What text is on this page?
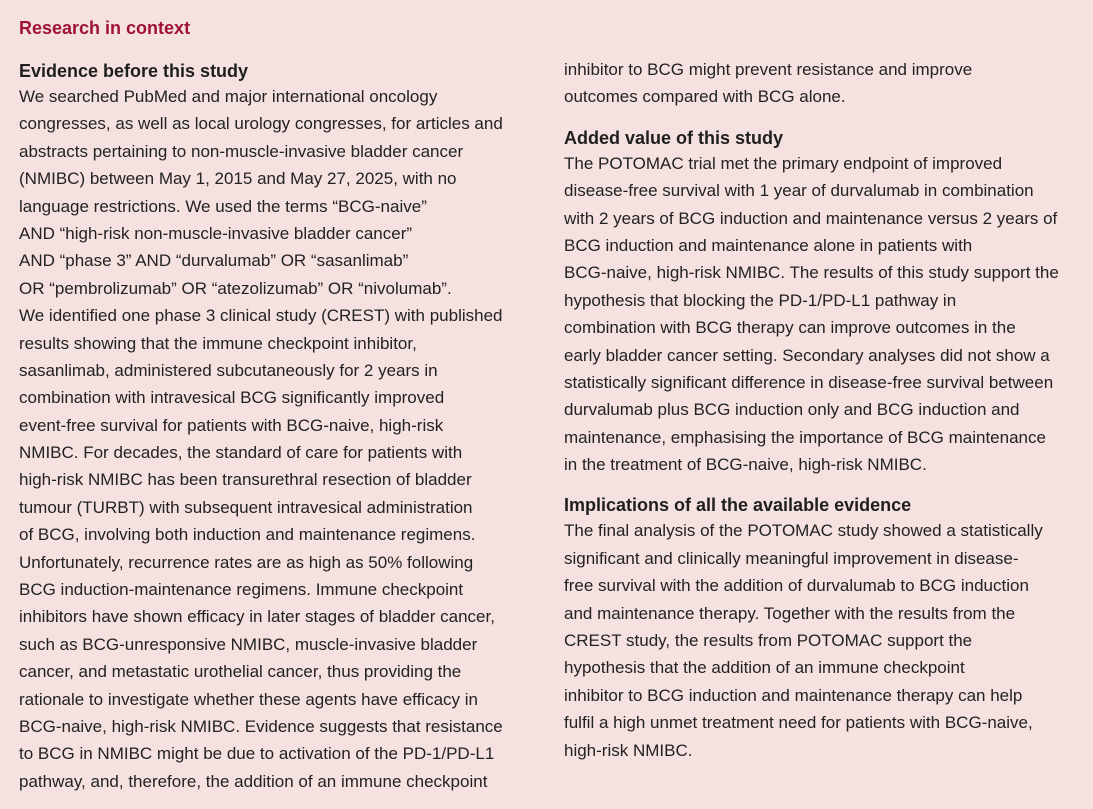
Research in context
Evidence before this study

We searched PubMed and major international oncology
congresses, as well as local urology congresses, for articles and
abstracts pertaining to non-muscle-invasive bladder cancer
(NMIBC) between May 1, 2015 and May 27, 2025, with no
language restrictions. We used the terms “BCG-naive”
AND “high-risk non-muscle-invasive bladder cancer”
AND “phase 3” AND “durvalumab” OR “sasanlimab”
OR “pembrolizumab” OR “atezolizumab” OR “nivolumab”.
We identified one phase 3 clinical study (CREST) with published
results showing that the immune checkpoint inhibitor,
sasanlimab, administered subcutaneously for 2 years in
combination with intravesical BCG significantly improved
event-free survival for patients with BCG-naive, high-risk
NMIBC. For decades, the standard of care for patients with
high-risk NMIBC has been transurethral resection of bladder
tumour (TURBT) with subsequent intravesical administration
of BCG, involving both induction and maintenance regimens.
Unfortunately, recurrence rates are as high as 50% following
BCG induction-maintenance regimens. Immune checkpoint
inhibitors have shown efficacy in later stages of bladder cancer,
such as BCG-unresponsive NMIBC, muscle-invasive bladder
cancer, and metastatic urothelial cancer, thus providing the
rationale to investigate whether these agents have efficacy in
BCG-naive, high-risk NMIBC. Evidence suggests that resistance
to BCG in NMIBC might be due to activation of the PD-1/PD-L1
pathway, and, therefore, the addition of an immune checkpoint

inhibitor to BCG might prevent resistance and improve
outcomes compared with BCG alone.

Added value of this study

The POTOMAC trial met the primary endpoint of improved
disease-free survival with 1 year of durvalumab in combination
with 2 years of BCG induction and maintenance versus 2 years of
BCG induction and maintenance alone in patients with
BCG-naive, high-risk NMIBC. The results of this study support the
hypothesis that blocking the PD-1/PD-L1 pathway in
combination with BCG therapy can improve outcomes in the
early bladder cancer setting. Secondary analyses did not show a
statistically significant difference in disease-free survival between
durvalumab plus BCG induction only and BCG induction and
maintenance, emphasising the importance of BCG maintenance
in the treatment of BCG-naive, high-risk NMIBC.

Implications of all the available evidence

The final analysis of the POTOMAC study showed a statistically
significant and clinically meaningful improvement in disease-
free survival with the addition of durvalumab to BCG induction
and maintenance therapy. Together with the results from the
CREST study, the results from POTOMAC support the
hypothesis that the addition of an immune checkpoint
inhibitor to BCG induction and maintenance therapy can help
fulfil a high unmet treatment need for patients with BCG-naive,
high-risk NMIBC.
